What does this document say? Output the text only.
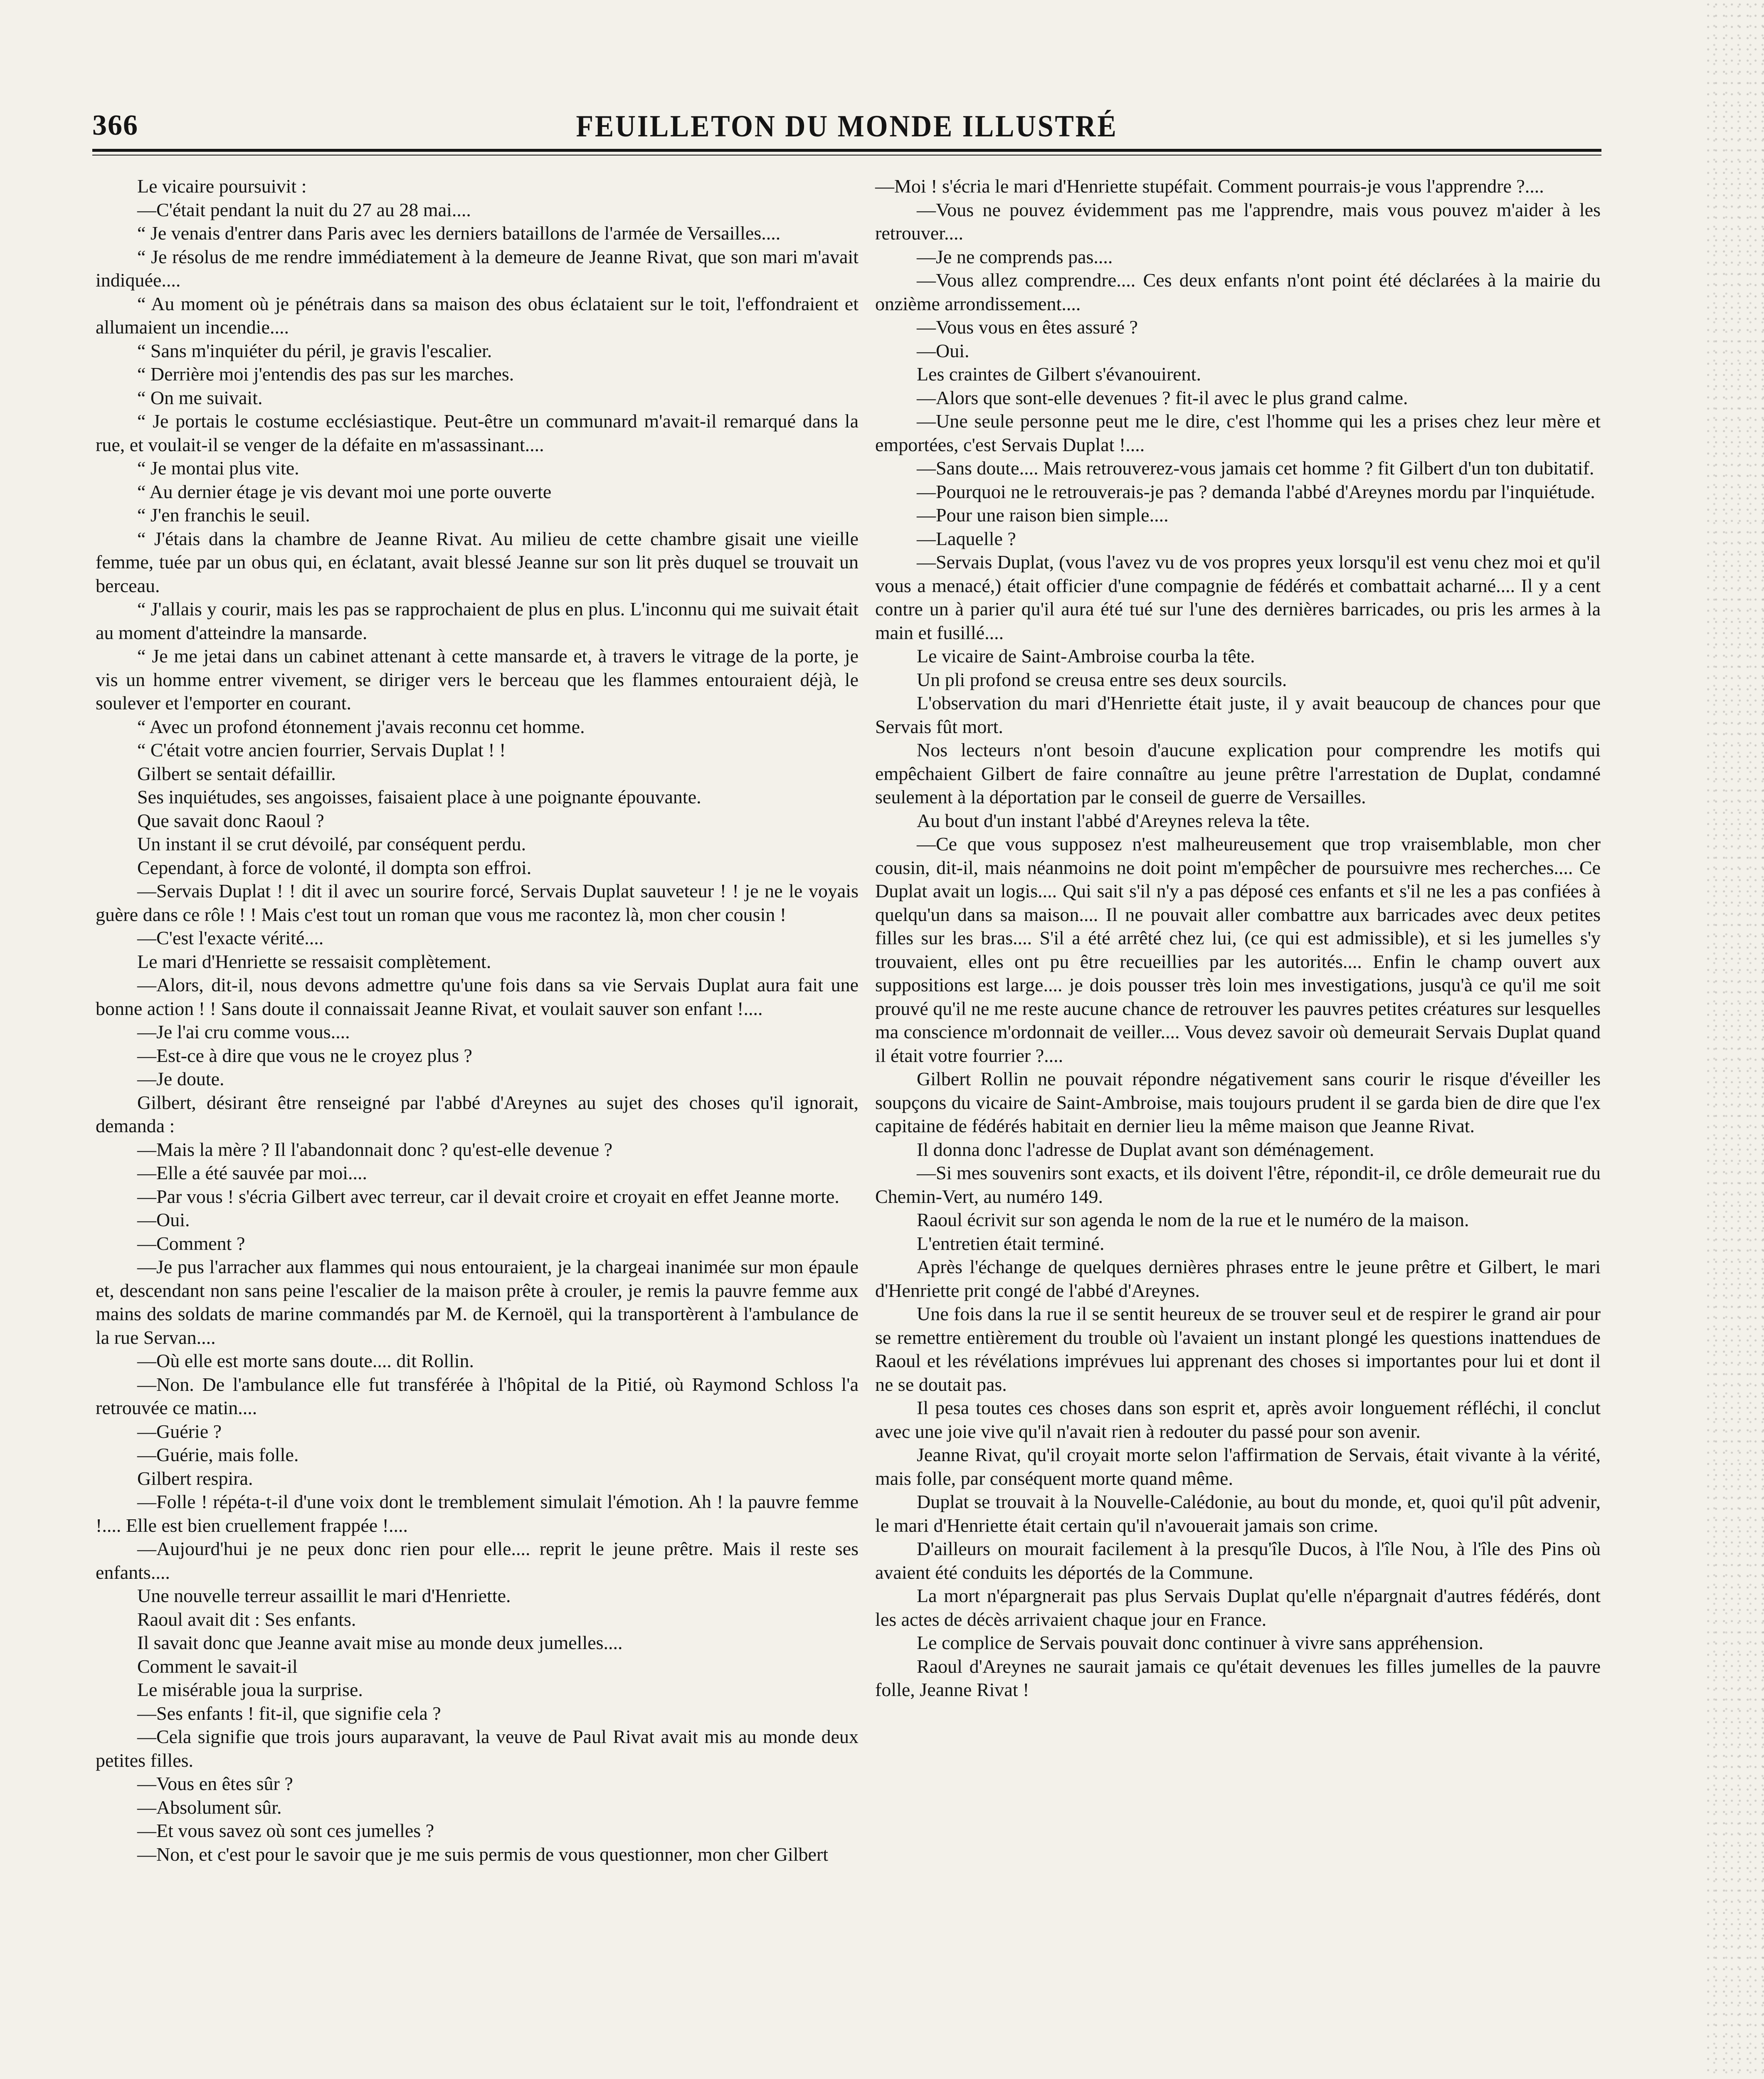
366	FEUILLETON DU MONDE ILLUSTRÉ

Le vicaire poursuivit :

—C'était pendant la nuit du 27 au 28 mai....

“ Je venais d'entrer dans Paris avec les derniers bataillons de l'armée de Versailles....

“ Je résolus de me rendre immédiatement à la demeure de Jeanne Rivat, que son mari m'avait indiquée....

“ Au moment où je pénétrais dans sa maison des obus éclataient sur le toit, l'effondraient et allumaient un incendie....

“ Sans m'inquiéter du péril, je gravis l'escalier.

“ Derrière moi j'entendis des pas sur les marches.

“ On me suivait.

“ Je portais le costume ecclésiastique. Peut-être un communard m'avait-il remarqué dans la rue, et voulait-il se venger de la défaite en m'assassinant....

“ Je montai plus vite.

“ Au dernier étage je vis devant moi une porte ouverte

“ J'en franchis le seuil.

“ J'étais dans la chambre de Jeanne Rivat. Au milieu de cette chambre gisait une vieille femme, tuée par un obus qui, en éclatant, avait blessé Jeanne sur son lit près duquel se trouvait un berceau.

“ J'allais y courir, mais les pas se rapprochaient de plus en plus. L'inconnu qui me suivait était au moment d'atteindre la mansarde.

“ Je me jetai dans un cabinet attenant à cette mansarde et, à travers le vitrage de la porte, je vis un homme entrer vivement, se diriger vers le berceau que les flammes entouraient déjà, le soulever et l'emporter en courant.

“ Avec un profond étonnement j'avais reconnu cet homme.

“ C'était votre ancien fourrier, Servais Duplat ! !

Gilbert se sentait défaillir.

Ses inquiétudes, ses angoisses, faisaient place à une poignante épouvante.

Que savait donc Raoul ?

Un instant il se crut dévoilé, par conséquent perdu.

Cependant, à force de volonté, il dompta son effroi.

—Servais Duplat ! ! dit il avec un sourire forcé, Servais Duplat sauveteur ! ! je ne le voyais guère dans ce rôle ! ! Mais c'est tout un roman que vous me racontez là, mon cher cousin !

—C'est l'exacte vérité....

Le mari d'Henriette se ressaisit complètement.

—Alors, dit-il, nous devons admettre qu'une fois dans sa vie Servais Duplat aura fait une bonne action ! ! Sans doute il connaissait Jeanne Rivat, et voulait sauver son enfant !....

—Je l'ai cru comme vous....

—Est-ce à dire que vous ne le croyez plus ?

—Je doute.

Gilbert, désirant être renseigné par l'abbé d'Areynes au sujet des choses qu'il ignorait, demanda :

—Mais la mère ? Il l'abandonnait donc ? qu'est-elle devenue ?

—Elle a été sauvée par moi....

—Par vous ! s'écria Gilbert avec terreur, car il devait croire et croyait en effet Jeanne morte.

—Oui.

—Comment ?

—Je pus l'arracher aux flammes qui nous entouraient, je la chargeai inanimée sur mon épaule et, descendant non sans peine l'escalier de la maison prête à crouler, je remis la pauvre femme aux mains des soldats de marine commandés par M. de Kernoël, qui la transportèrent à l'ambulance de la rue Servan....

—Où elle est morte sans doute.... dit Rollin.

—Non. De l'ambulance elle fut transférée à l'hôpital de la Pitié, où Raymond Schloss l'a retrouvée ce matin....

—Guérie ?

—Guérie, mais folle.

Gilbert respira.

—Folle ! répéta-t-il d'une voix dont le tremblement simulait l'émotion. Ah ! la pauvre femme !.... Elle est bien cruellement frappée !....

—Aujourd'hui je ne peux donc rien pour elle.... reprit le jeune prêtre. Mais il reste ses enfants....

Une nouvelle terreur assaillit le mari d'Henriette.

Raoul avait dit : Ses enfants.

Il savait donc que Jeanne avait mise au monde deux jumelles....

Comment le savait-il

Le misérable joua la surprise.

—Ses enfants ! fit-il, que signifie cela ?

—Cela signifie que trois jours auparavant, la veuve de Paul Rivat avait mis au monde deux petites filles.

—Vous en êtes sûr ?

—Absolument sûr.

—Et vous savez où sont ces jumelles ?

—Non, et c'est pour le savoir que je me suis permis de vous questionner, mon cher Gilbert

—Moi ! s'écria le mari d'Henriette stupéfait. Comment pourrais-je vous l'apprendre ?....

—Vous ne pouvez évidemment pas me l'apprendre, mais vous pouvez m'aider à les retrouver....

—Je ne comprends pas....

—Vous allez comprendre.... Ces deux enfants n'ont point été déclarées à la mairie du onzième arrondissement....

—Vous vous en êtes assuré ?

—Oui.

Les craintes de Gilbert s'évanouirent.

—Alors que sont-elle devenues ? fit-il avec le plus grand calme.

—Une seule personne peut me le dire, c'est l'homme qui les a prises chez leur mère et emportées, c'est Servais Duplat !....

—Sans doute.... Mais retrouverez-vous jamais cet homme ? fit Gilbert d'un ton dubitatif.

—Pourquoi ne le retrouverais-je pas ? demanda l'abbé d'Areynes mordu par l'inquiétude.

—Pour une raison bien simple....

—Laquelle ?

—Servais Duplat, (vous l'avez vu de vos propres yeux lorsqu'il est venu chez moi et qu'il vous a menacé,) était officier d'une compagnie de fédérés et combattait acharné.... Il y a cent contre un à parier qu'il aura été tué sur l'une des dernières barricades, ou pris les armes à la main et fusillé....

Le vicaire de Saint-Ambroise courba la tête.

Un pli profond se creusa entre ses deux sourcils.

L'observation du mari d'Henriette était juste, il y avait beaucoup de chances pour que Servais fût mort.

Nos lecteurs n'ont besoin d'aucune explication pour comprendre les motifs qui empêchaient Gilbert de faire connaître au jeune prêtre l'arrestation de Duplat, condamné seulement à la déportation par le conseil de guerre de Versailles.

Au bout d'un instant l'abbé d'Areynes releva la tête.

—Ce que vous supposez n'est malheureusement que trop vraisemblable, mon cher cousin, dit-il, mais néanmoins ne doit point m'empêcher de poursuivre mes recherches.... Ce Duplat avait un logis.... Qui sait s'il n'y a pas déposé ces enfants et s'il ne les a pas confiées à quelqu'un dans sa maison.... Il ne pouvait aller combattre aux barricades avec deux petites filles sur les bras.... S'il a été arrêté chez lui, (ce qui est admissible), et si les jumelles s'y trouvaient, elles ont pu être recueillies par les autorités.... Enfin le champ ouvert aux suppositions est large.... je dois pousser très loin mes investigations, jusqu'à ce qu'il me soit prouvé qu'il ne me reste aucune chance de retrouver les pauvres petites créatures sur lesquelles ma conscience m'ordonnait de veiller.... Vous devez savoir où demeurait Servais Duplat quand il était votre fourrier ?....

Gilbert Rollin ne pouvait répondre négativement sans courir le risque d'éveiller les soupçons du vicaire de Saint-Ambroise, mais toujours prudent il se garda bien de dire que l'ex capitaine de fédérés habitait en dernier lieu la même maison que Jeanne Rivat.

Il donna donc l'adresse de Duplat avant son déménagement.

—Si mes souvenirs sont exacts, et ils doivent l'être, répondit-il, ce drôle demeurait rue du Chemin-Vert, au numéro 149.

Raoul écrivit sur son agenda le nom de la rue et le numéro de la maison.

L'entretien était terminé.

Après l'échange de quelques dernières phrases entre le jeune prêtre et Gilbert, le mari d'Henriette prit congé de l'abbé d'Areynes.

Une fois dans la rue il se sentit heureux de se trouver seul et de respirer le grand air pour se remettre entièrement du trouble où l'avaient un instant plongé les questions inattendues de Raoul et les révélations imprévues lui apprenant des choses si importantes pour lui et dont il ne se doutait pas.

Il pesa toutes ces choses dans son esprit et, après avoir longuement réfléchi, il conclut avec une joie vive qu'il n'avait rien à redouter du passé pour son avenir.

Jeanne Rivat, qu'il croyait morte selon l'affirmation de Servais, était vivante à la vérité, mais folle, par conséquent morte quand même.

Duplat se trouvait à la Nouvelle-Calédonie, au bout du monde, et, quoi qu'il pût advenir, le mari d'Henriette était certain qu'il n'avouerait jamais son crime.

D'ailleurs on mourait facilement à la presqu'île Ducos, à l'île Nou, à l'île des Pins où avaient été conduits les déportés de la Commune.

La mort n'épargnerait pas plus Servais Duplat qu'elle n'épargnait d'autres fédérés, dont les actes de décès arrivaient chaque jour en France.

Le complice de Servais pouvait donc continuer à vivre sans appréhension.

Raoul d'Areynes ne saurait jamais ce qu'était devenues les filles jumelles de la pauvre folle, Jeanne Rivat !
